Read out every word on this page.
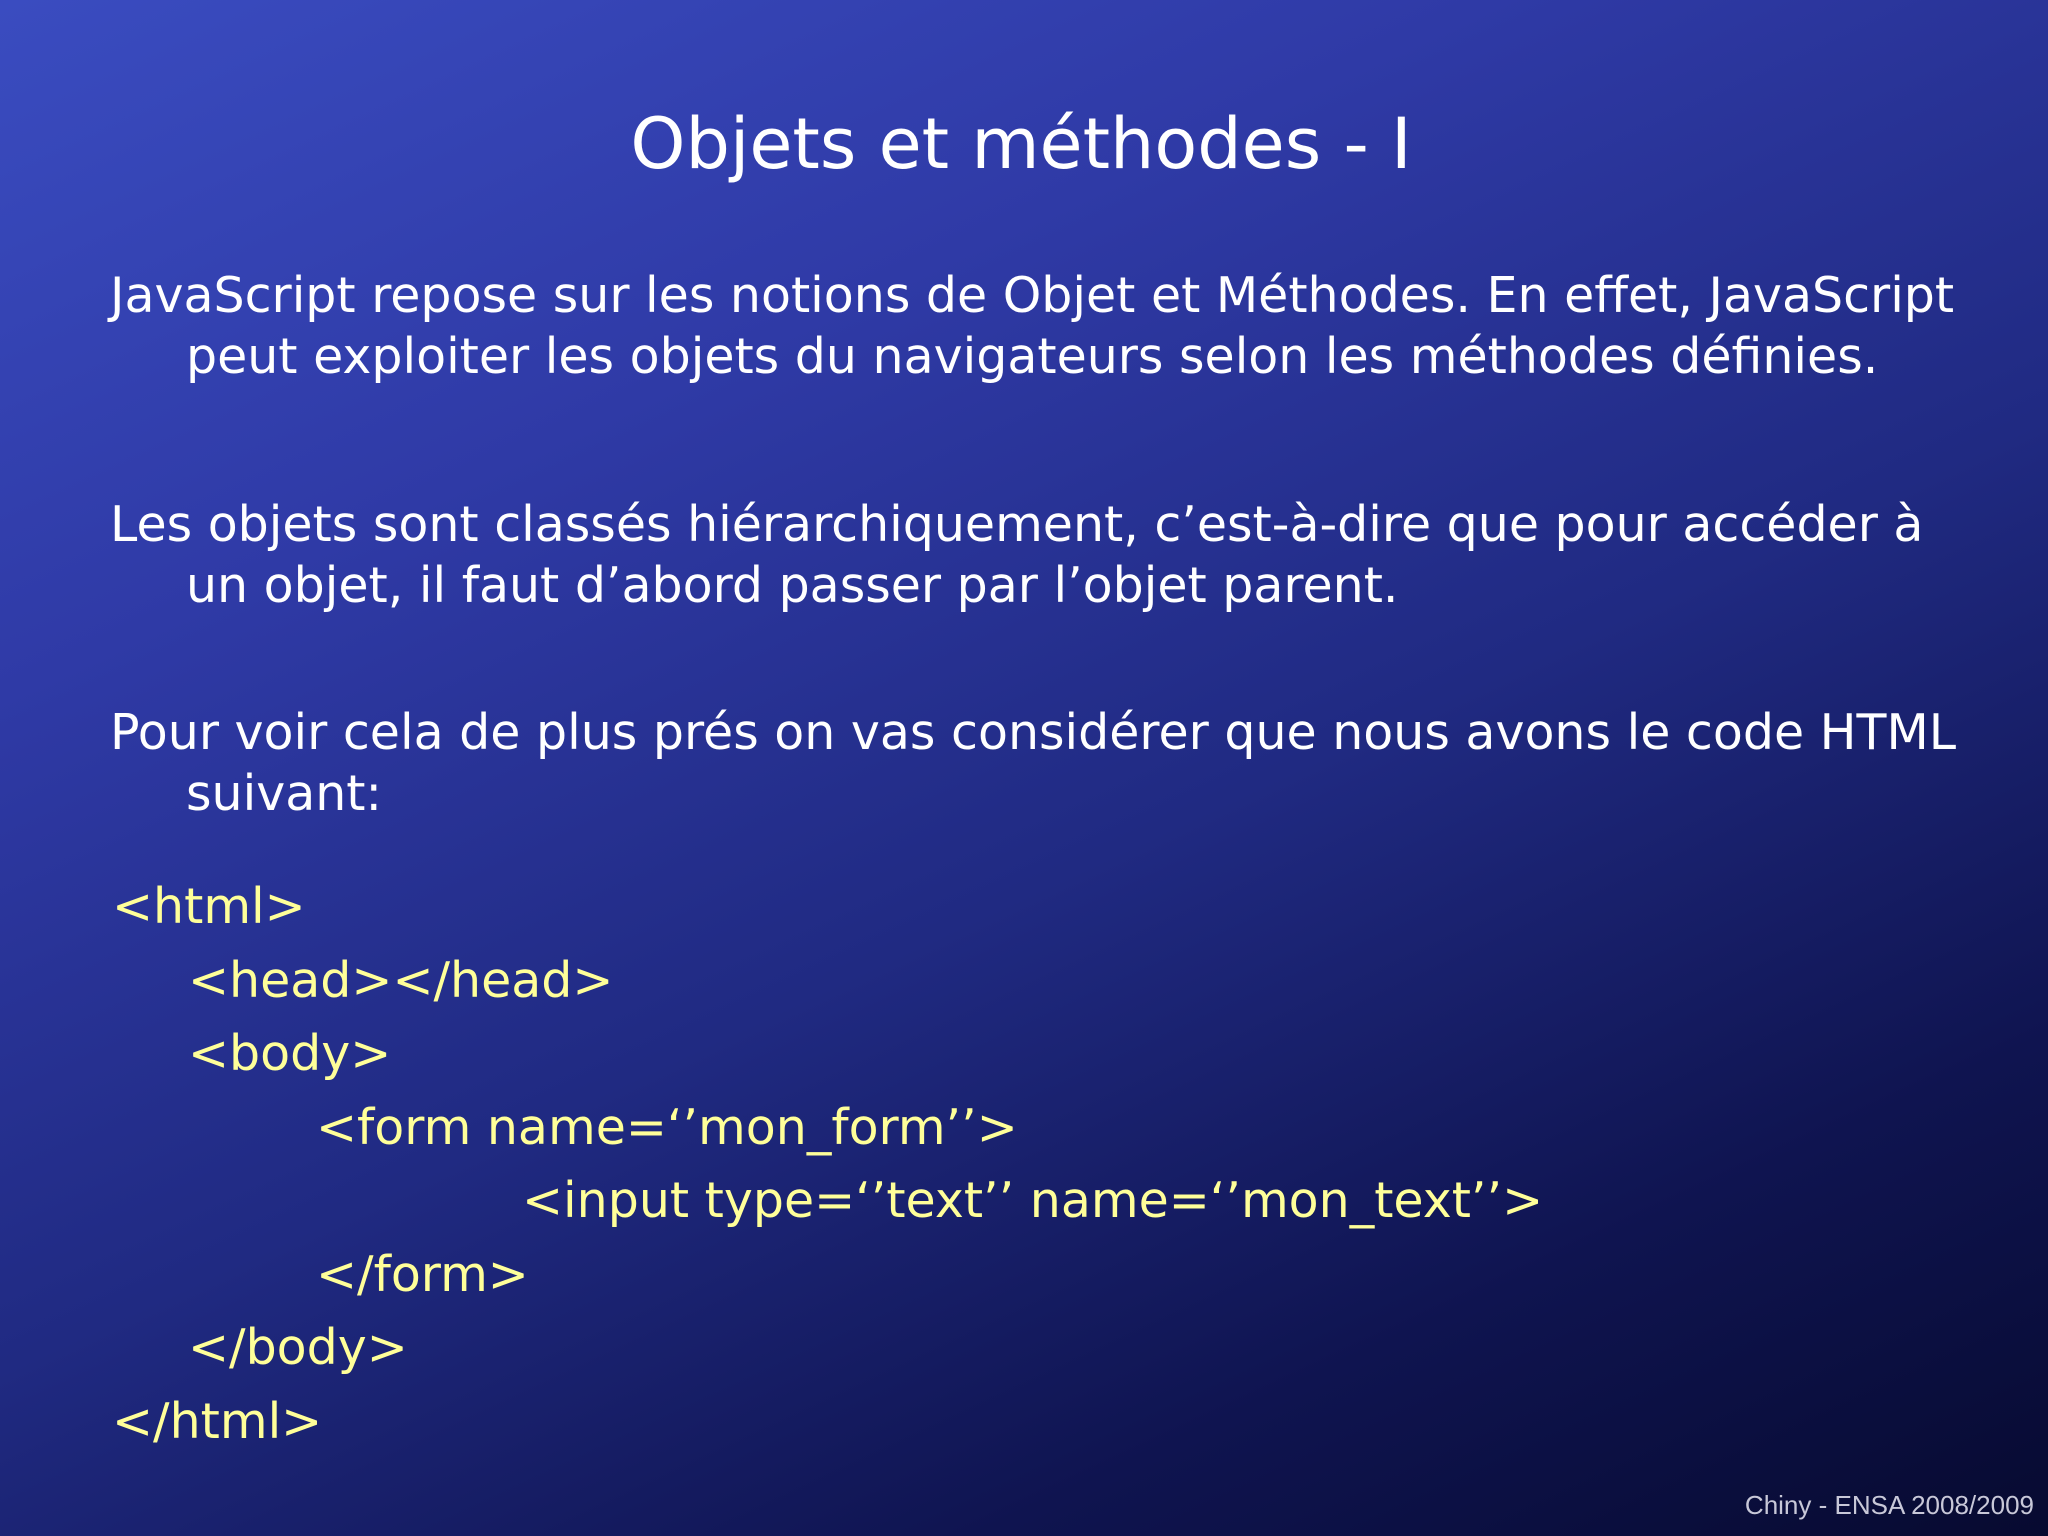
Objets et méthodes - I
JavaScript repose sur les notions de Objet et Méthodes. En effet, JavaScript peut exploiter les objets du navigateurs selon les méthodes définies.
Les objets sont classés hiérarchiquement, c’est-à-dire que pour accéder à un objet, il faut d’abord passer par l’objet parent.
Pour voir cela de plus prés on vas considérer que nous avons le code HTML suivant:
<html>
<head></head>
<body>
<form name=‘’mon_form’’>
<input type=‘’text’’ name=‘’mon_text’’>
</form>
</body>
</html>
Chiny - ENSA 2008/2009
